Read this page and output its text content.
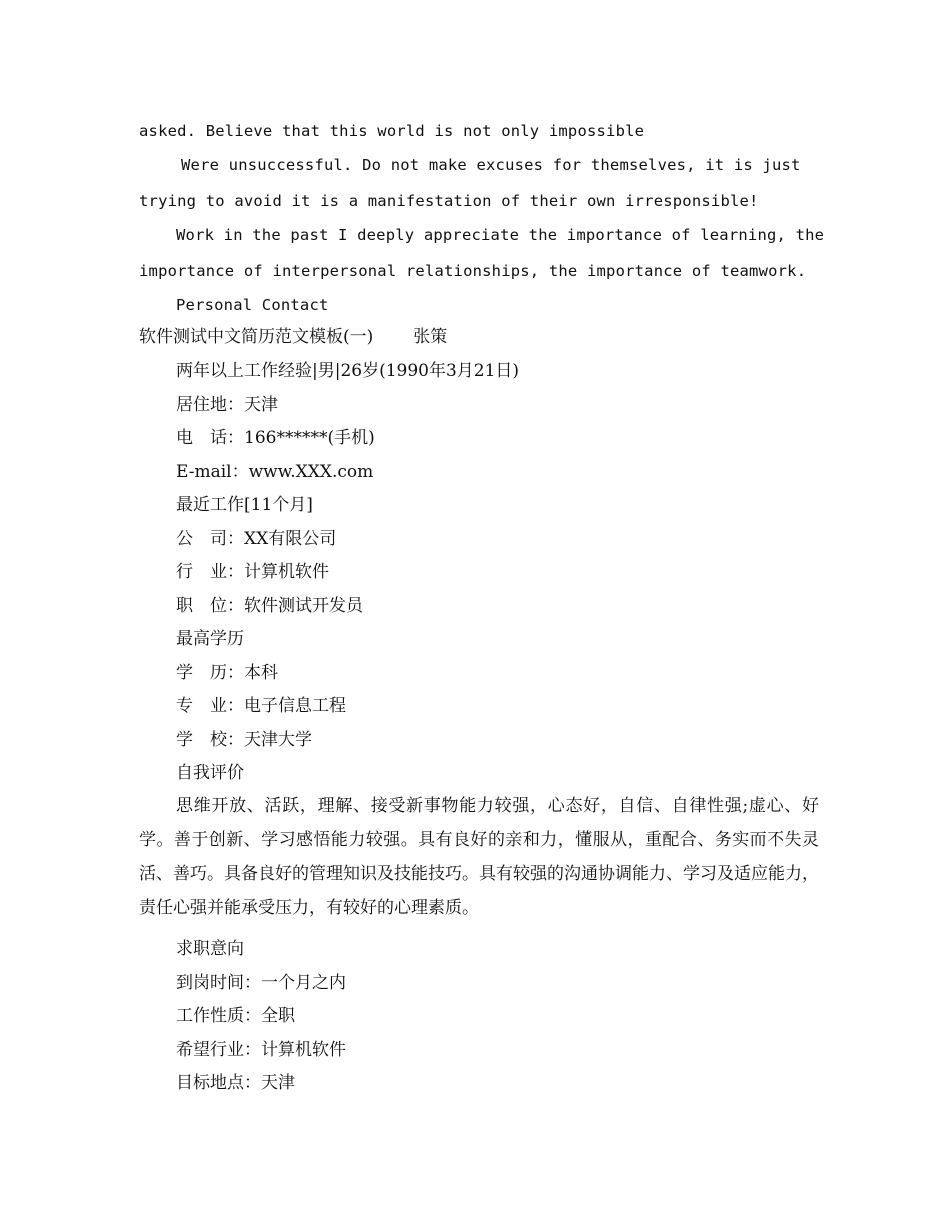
asked. Believe that this world is not only impossible
Were unsuccessful. Do not make excuses for themselves, it is just
trying to avoid it is a manifestation of their own irresponsible!
Work in the past I deeply appreciate the importance of learning, the
importance of interpersonal relationships, the importance of teamwork.
Personal Contact
软件测试中文简历范文模板(一) 张策
两年以上工作经验|男|26岁(1990年3月21日)
居住地：天津
电　话：166******(手机)
E-mail：www.XXX.com
最近工作[11个月]
公　司：XX有限公司
行　业：计算机软件
职　位：软件测试开发员
最高学历
学　历：本科
专　业：电子信息工程
学　校：天津大学
自我评价
思维开放、活跃，理解、接受新事物能力较强，心态好，自信、自律性强;虚心、好学。善于创新、学习感悟能力较强。具有良好的亲和力，懂服从，重配合、务实而不失灵活、善巧。具备良好的管理知识及技能技巧。具有较强的沟通协调能力、学习及适应能力，责任心强并能承受压力，有较好的心理素质。
求职意向
到岗时间：一个月之内
工作性质：全职
希望行业：计算机软件
目标地点：天津
